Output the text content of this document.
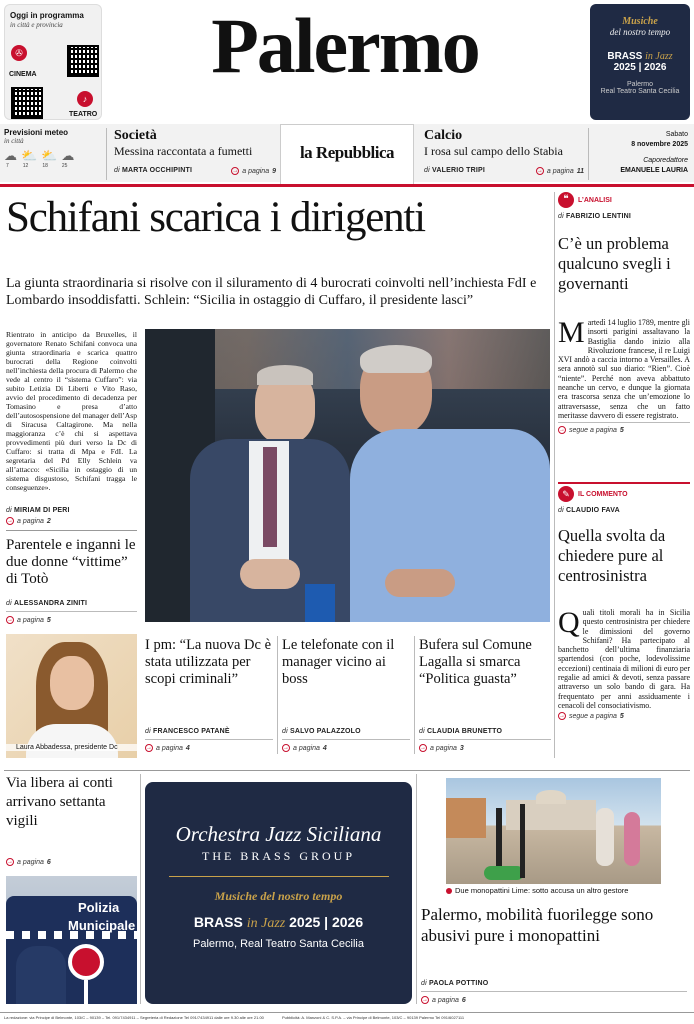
Oggi in programma
in città e provincia
✇
CINEMA
♪
TEATRO
Palermo	Musiche
del nostro tempo
BRASS in Jazz
2025 | 2026
Palermo
Real Teatro Santa Cecilia
Previsioni meteo
in città
☁ ⛅ ⛅ ☁
7	12	18	25
Società
Messina raccontata a fumetti
di MARTA OCCHIPINTI	→ a pagina 9
la Repubblica
Calcio
I rosa sul campo dello Stabia
di VALERIO TRIPI	→ a pagina 11
Sabato
8 novembre 2025
Caporedattore
EMANUELE LAURIA
Schifani scarica i dirigenti
La giunta straordinaria si risolve con il siluramento di 4 burocrati coinvolti nell’inchiesta FdI e Lombardo insoddisfatti. Schlein: “Sicilia in ostaggio di Cuffaro, il presidente lasci”
Rientrato in anticipo da Bruxelles, il governatore Renato Schifani convoca una giunta straordinaria e scarica quattro burocrati della Regione coinvolti nell’inchiesta della procura di Palermo che vede al centro il “sistema Cuffaro”: via subito Letizia Di Liberti e Vito Raso, avvio del procedimento di decadenza per Tomasino e presa d’atto dell’autosospensione del manager dell’Asp di Siracusa Caltagirone. Ma nella maggioranza c’è chi si aspettava provvedimenti più duri verso la Dc di Cuffaro: si tratta di Mpa e FdI. La segretaria del Pd Elly Schlein va all’attacco: «Sicilia in ostaggio di un sistema disgustoso, Schifani tragga le conseguenze».
di MIRIAM DI PERI
→ a pagina 2
Parentele e inganni le due donne “vittime” di Totò
di ALESSANDRA ZINITI
→ a pagina 5
Laura Abbadessa, presidente Dc
I pm: “La nuova Dc è stata utilizzata per scopi criminali”
di FRANCESCO PATANÈ
→ a pagina 4
Le telefonate con il manager vicino ai boss
di SALVO PALAZZOLO
→ a pagina 4
Bufera sul Comune Lagalla si smarca “Politica guasta”
di CLAUDIA BRUNETTO
→ a pagina 3
❝	L’ANALISI
di FABRIZIO LENTINI
C’è un problema qualcuno svegli i governanti
M artedì 14 luglio 1789, mentre gli insorti parigini assaltavano la Bastiglia dando inizio alla Rivoluzione francese, il re Luigi XVI andò a caccia intorno a Versailles. A sera annotò sul suo diario: “Rien”. Cioè “niente”. Perché non aveva abbattuto neanche un cervo, e dunque la giornata era trascorsa senza che un’emozione lo attraversasse, senza che un fatto meritasse davvero di essere registrato.
→ segue a pagina 5
✎	IL COMMENTO
di CLAUDIO FAVA
Quella svolta da chiedere pure al centrosinistra
Q uali titoli morali ha in Sicilia questo centrosinistra per chiedere le dimissioni del governo Schifani? Ha partecipato al banchetto dell’ultima finanziaria spartendosi (con poche, lodevolissime eccezioni) centinaia di milioni di euro per regalie ad amici & devoti, senza passare attraverso un solo bando di gara. Ha frequentato per anni assiduamente i cenacoli del consociativismo.
→ segue a pagina 5
Via libera ai conti arrivano settanta vigili
→ a pagina 6
Polizia
Municipale
Orchestra Jazz Siciliana
THE BRASS GROUP
Musiche del nostro tempo
BRASS in Jazz 2025 | 2026
Palermo, Real Teatro Santa Cecilia
Due monopattini Lime: sotto accusa un altro gestore
Palermo, mobilità fuorilegge sono abusivi pure i monopattini
di PAOLA POTTINO
→ a pagina 6
La redazione: via Principe di Belmonte, 103/C – 90139 – Tel. 091/7434911 – Segreteria di Redazione Tel 091/7434911 dalle ore 9.30 alle ore 21.00	Pubblicità: A. Manzoni & C. S.P.A. – via Principe di Belmonte, 103/C – 90139 Palermo Tel 091/6027111
